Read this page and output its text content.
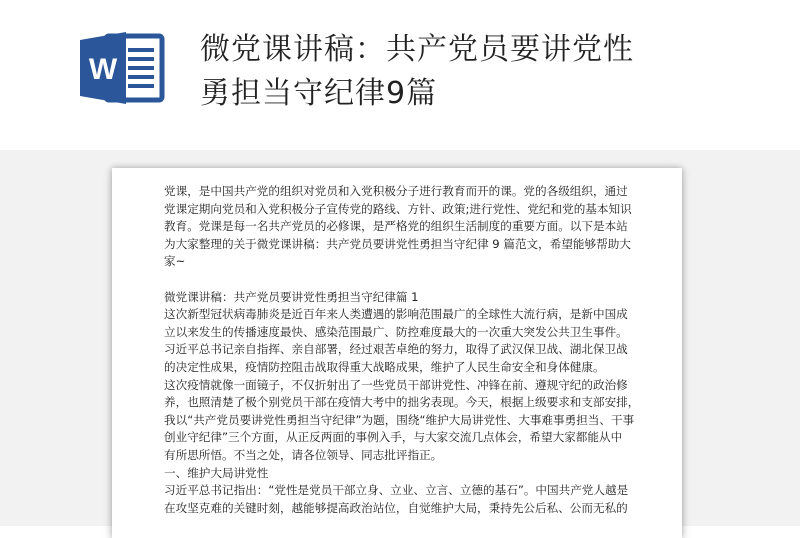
W
微党课讲稿：共产党员要讲党性
勇担当守纪律9篇

党课，是中国共产党的组织对党员和入党积极分子进行教育而开的课。党的各级组织，通过

党课定期向党员和入党积极分子宣传党的路线、方针、政策;进行党性、党纪和党的基本知识

教育。党课是每一名共产党员的必修课，是严格党的组织生活制度的重要方面。以下是本站

为大家整理的关于微党课讲稿：共产党员要讲党性勇担当守纪律 9 篇范文，希望能够帮助大

家~

微党课讲稿：共产党员要讲党性勇担当守纪律篇 1

这次新型冠状病毒肺炎是近百年来人类遭遇的影响范围最广的全球性大流行病，是新中国成

立以来发生的传播速度最快、感染范围最广、防控难度最大的一次重大突发公共卫生事件。

习近平总书记亲自指挥、亲自部署，经过艰苦卓绝的努力，取得了武汉保卫战、湖北保卫战

的决定性成果，疫情防控阻击战取得重大战略成果，维护了人民生命安全和身体健康。

这次疫情就像一面镜子，不仅折射出了一些党员干部讲党性、冲锋在前、遵规守纪的政治修

养，也照清楚了极个别党员干部在疫情大考中的拙劣表现。今天，根据上级要求和支部安排，

我以“共产党员要讲党性勇担当守纪律”为题，围绕“维护大局讲党性、大事难事勇担当、干事

创业守纪律”三个方面，从正反两面的事例入手，与大家交流几点体会，希望大家都能从中

有所思所悟。不当之处，请各位领导、同志批评指正。

一、维护大局讲党性

习近平总书记指出：“党性是党员干部立身、立业、立言、立德的基石”。中国共产党人越是

在攻坚克难的关键时刻，越能够提高政治站位，自觉维护大局，秉持先公后私、公而无私的
